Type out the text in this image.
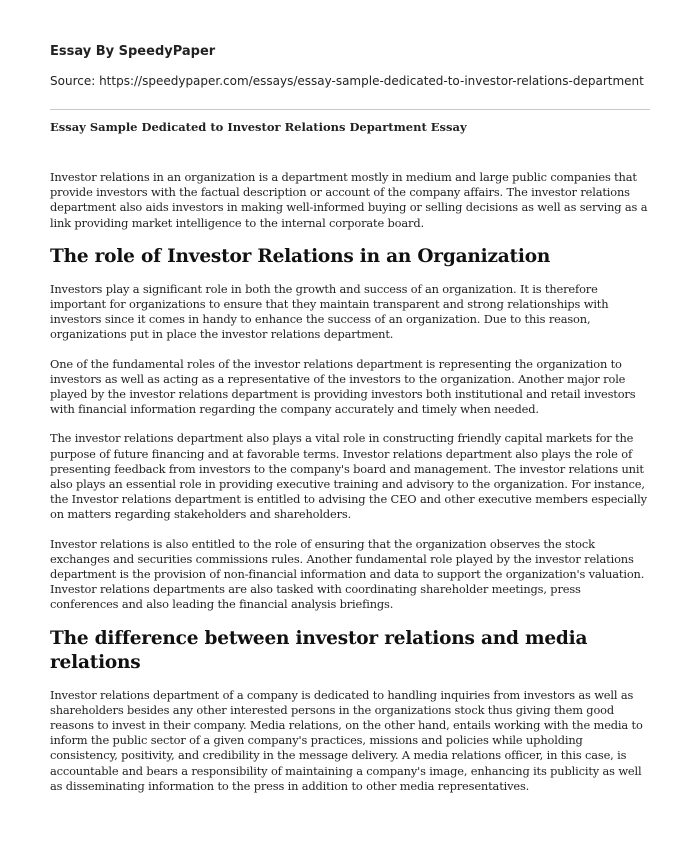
Essay By SpeedyPaper
Source: https://speedypaper.com/essays/essay-sample-dedicated-to-investor-relations-department
Essay Sample Dedicated to Investor Relations Department Essay

Investor relations in an organization is a department mostly in medium and large public companies that provide investors with the factual description or account of the company affairs. The investor relations department also aids investors in making well-informed buying or selling decisions as well as serving as a link providing market intelligence to the internal corporate board.

The role of Investor Relations in an Organization

Investors play a significant role in both the growth and success of an organization. It is therefore important for organizations to ensure that they maintain transparent and strong relationships with investors since it comes in handy to enhance the success of an organization. Due to this reason, organizations put in place the investor relations department.

One of the fundamental roles of the investor relations department is representing the organization to investors as well as acting as a representative of the investors to the organization. Another major role played by the investor relations department is providing investors both institutional and retail investors with financial information regarding the company accurately and timely when needed.

The investor relations department also plays a vital role in constructing friendly capital markets for the purpose of future financing and at favorable terms. Investor relations department also plays the role of presenting feedback from investors to the company's board and management. The investor relations unit also plays an essential role in providing executive training and advisory to the organization. For instance, the Investor relations department is entitled to advising the CEO and other executive members especially on matters regarding stakeholders and shareholders.

Investor relations is also entitled to the role of ensuring that the organization observes the stock exchanges and securities commissions rules. Another fundamental role played by the investor relations department is the provision of non-financial information and data to support the organization's valuation. Investor relations departments are also tasked with coordinating shareholder meetings, press conferences and also leading the financial analysis briefings.

The difference between investor relations and media relations

Investor relations department of a company is dedicated to handling inquiries from investors as well as shareholders besides any other interested persons in the organizations stock thus giving them good reasons to invest in their company. Media relations, on the other hand, entails working with the media to inform the public sector of a given company's practices, missions and policies while upholding consistency, positivity, and credibility in the message delivery. A media relations officer, in this case, is accountable and bears a responsibility of maintaining a company's image, enhancing its publicity as well as disseminating information to the press in addition to other media representatives.
